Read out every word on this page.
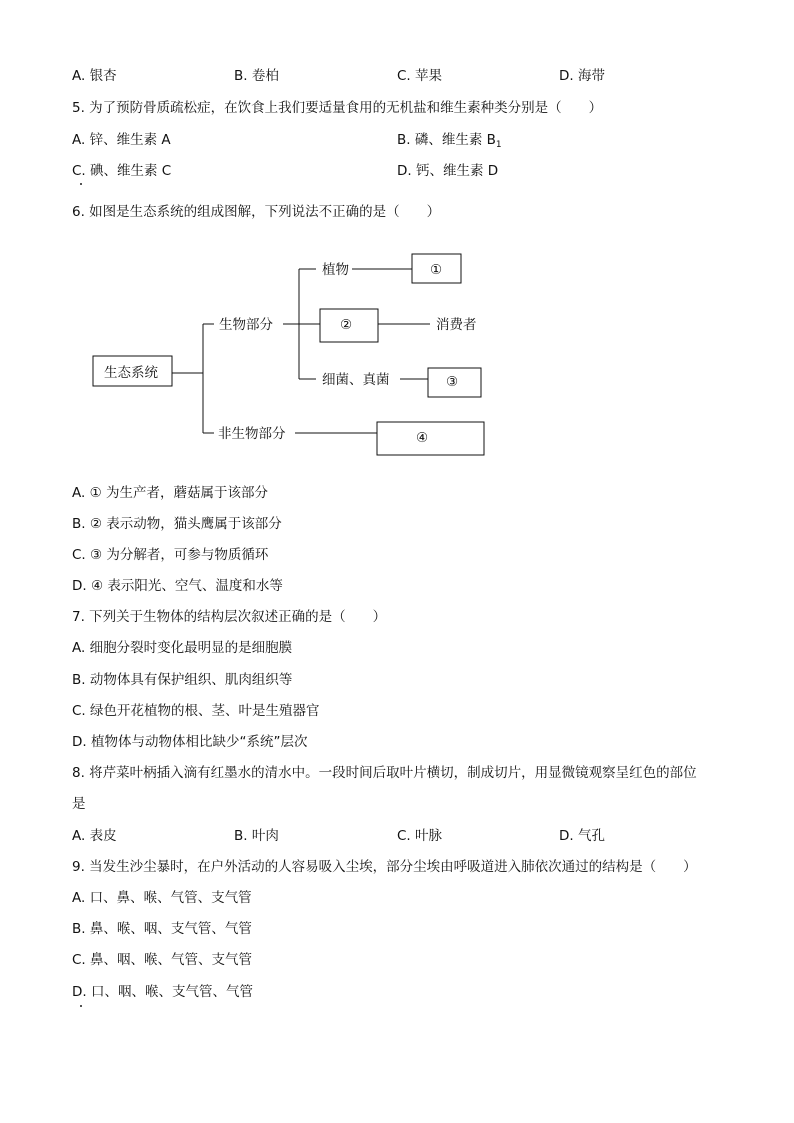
A. 银杏	B. 卷柏	C. 苹果	D. 海带
5. 为了预防骨质疏松症，在饮食上我们要适量食用的无机盐和维生素种类分别是（　　）
A. 锌、维生素 A	B. 磷、维生素 $B_1$
C. 碘、维生素 C	D. 钙、维生素 D
6. 如图是生态系统的组成图解，下列说法不正确的是（　　）
生态系统
生物部分
非生物部分
植物	①
②	消费者
细菌、真菌	③
④
A. ① 为生产者，蘑菇属于该部分
B. ② 表示动物，猫头鹰属于该部分
C. ③ 为分解者，可参与物质循环
D. ④ 表示阳光、空气、温度和水等
7. 下列关于生物体的结构层次叙述正确的是（　　）
A. 细胞分裂时变化最明显的是细胞膜
B. 动物体具有保护组织、肌肉组织等
C. 绿色开花植物的根、茎、叶是生殖器官
D. 植物体与动物体相比缺少“系统”层次
8. 将芹菜叶柄插入滴有红墨水的清水中。一段时间后取叶片横切，制成切片，用显微镜观察呈红色的部位
是
A. 表皮	B. 叶肉	C. 叶脉	D. 气孔
9. 当发生沙尘暴时，在户外活动的人容易吸入尘埃，部分尘埃由呼吸道进入肺依次通过的结构是（　　）
A. 口、鼻、喉、气管、支气管
B. 鼻、喉、咽、支气管、气管
C. 鼻、咽、喉、气管、支气管
D. 口、咽、喉、支气管、气管
